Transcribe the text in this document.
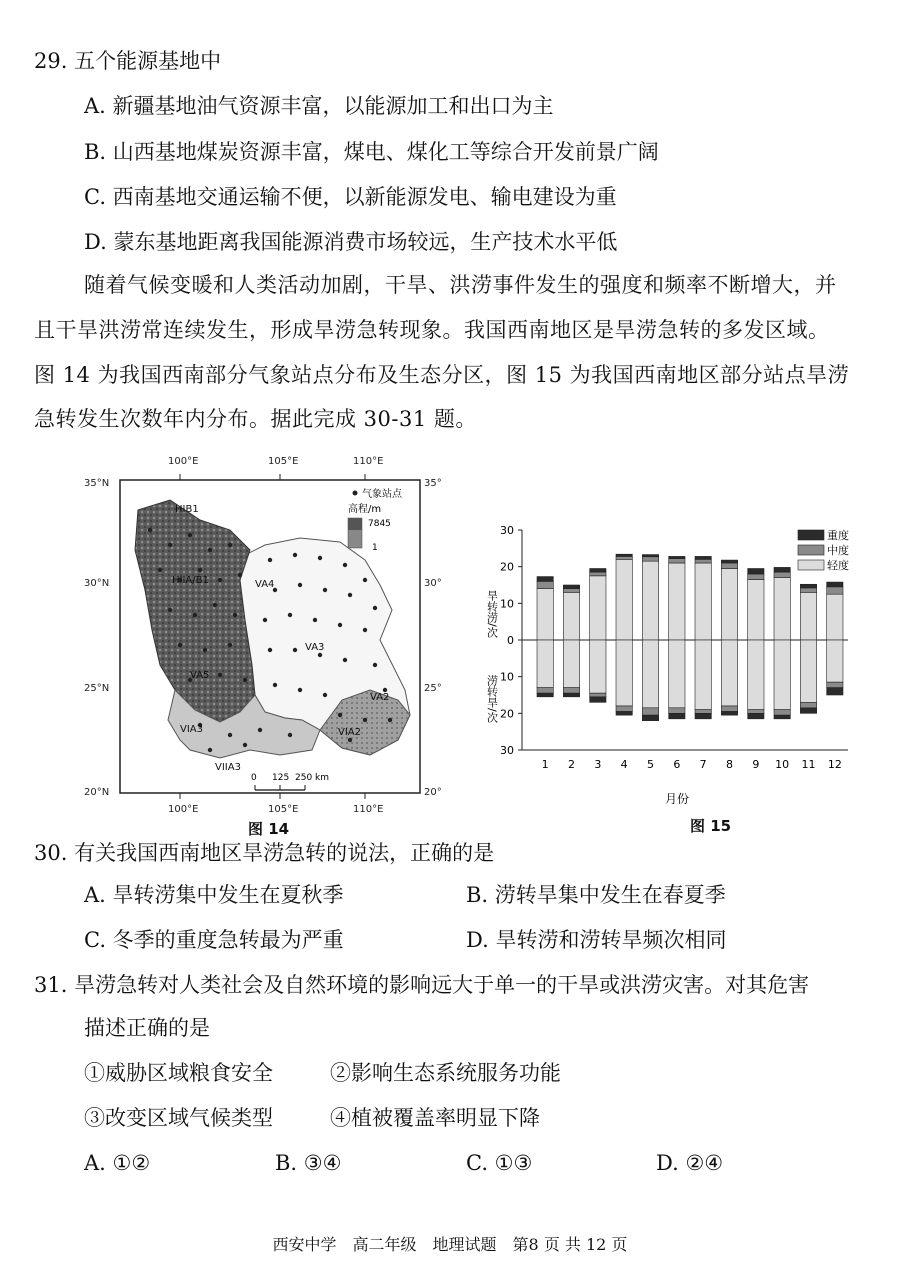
29. 五个能源基地中
A. 新疆基地油气资源丰富，以能源加工和出口为主
B. 山西基地煤炭资源丰富，煤电、煤化工等综合开发前景广阔
C. 西南基地交通运输不便，以新能源发电、输电建设为重
D. 蒙东基地距离我国能源消费市场较远，生产技术水平低
随着气候变暖和人类活动加剧，干旱、洪涝事件发生的强度和频率不断增大，并
且干旱洪涝常连续发生，形成旱涝急转现象。我国西南地区是旱涝急转的多发区域。
图 14 为我国西南部分气象站点分布及生态分区，图 15 为我国西南地区部分站点旱涝
急转发生次数年内分布。据此完成 30-31 题。
气象站点
高程/m
7845
1
HIB1
HIIA/B1	VA4
VA3
VA5
VA2
VIA3	VIA2
VIIA3
0 125 250 km
100°E	105°E	110°E
100°E	105°E	110°E
35°N
30°N
25°N
20°N
35°
30°
25°
20°
图 14
30
20
10
0
10
20
30
1 2 3 4 5 6 7 8 9 10 11 12
重度
中度
轻度
旱转涝/次
涝转旱/次
月份
图 15
30. 有关我国西南地区旱涝急转的说法，正确的是
A. 旱转涝集中发生在夏秋季	B. 涝转旱集中发生在春夏季
C. 冬季的重度急转最为严重	D. 旱转涝和涝转旱频次相同
31. 旱涝急转对人类社会及自然环境的影响远大于单一的干旱或洪涝灾害。对其危害
描述正确的是
①威胁区域粮食安全	②影响生态系统服务功能
③改变区域气候类型	④植被覆盖率明显下降
A. ①②	B. ③④	C. ①③	D. ②④
西安中学　高二年级　地理试题　第8 页 共 12 页
